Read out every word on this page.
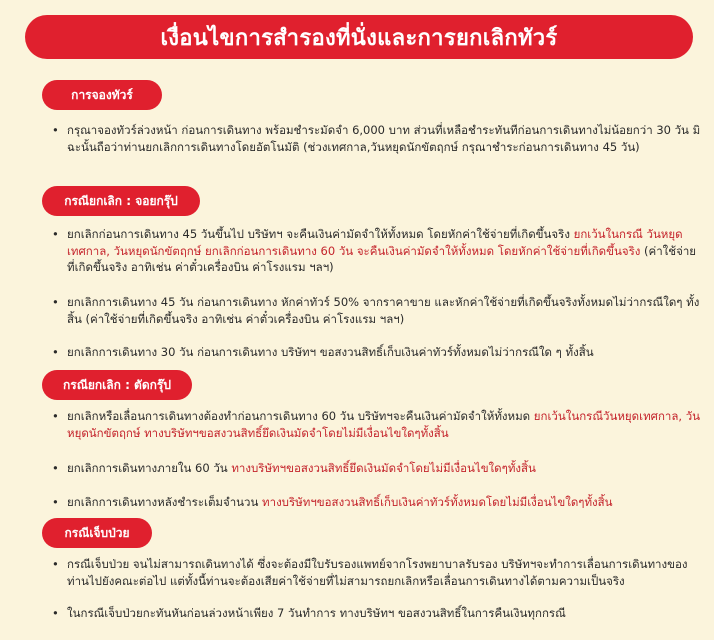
เงื่อนไขการสำรองที่นั่งและการยกเลิกทัวร์
การจองทัวร์
• กรุณาจองทัวร์ล่วงหน้า ก่อนการเดินทาง พร้อมชำระมัดจำ 6,000 บาท ส่วนที่เหลือชำระทันทีก่อนการเดินทางไม่น้อยกว่า 30 วัน มิฉะนั้นถือว่าท่านยกเลิกการเดินทางโดยอัตโนมัติ (ช่วงเทศกาล,วันหยุดนักขัตฤกษ์ กรุณาชำระก่อนการเดินทาง 45 วัน)
กรณียกเลิก : จอยกรุ๊ป
• ยกเลิกก่อนการเดินทาง 45 วันขึ้นไป บริษัทฯ จะคืนเงินค่ามัดจำให้ทั้งหมด โดยหักค่าใช้จ่ายที่เกิดขึ้นจริง ยกเว้นในกรณี วันหยุดเทศกาล, วันหยุดนักขัตฤกษ์ ยกเลิกก่อนการเดินทาง 60 วัน จะคืนเงินค่ามัดจำให้ทั้งหมด โดยหักค่าใช้จ่ายที่เกิดขึ้นจริง (ค่าใช้จ่ายที่เกิดขึ้นจริง อาทิเช่น ค่าตั๋วเครื่องบิน ค่าโรงแรม ฯลฯ)
• ยกเลิกการเดินทาง 45 วัน ก่อนการเดินทาง หักค่าทัวร์ 50% จากราคาขาย และหักค่าใช้จ่ายที่เกิดขึ้นจริงทั้งหมดไม่ว่ากรณีใดๆ ทั้งสิ้น (ค่าใช้จ่ายที่เกิดขึ้นจริง อาทิเช่น ค่าตั๋วเครื่องบิน ค่าโรงแรม ฯลฯ)
• ยกเลิกการเดินทาง 30 วัน ก่อนการเดินทาง บริษัทฯ ขอสงวนสิทธิ์เก็บเงินค่าทัวร์ทั้งหมดไม่ว่ากรณีใด ๆ ทั้งสิ้น
กรณียกเลิก : ตัดกรุ๊ป
• ยกเลิกหรือเลื่อนการเดินทางต้องทำก่อนการเดินทาง 60 วัน บริษัทฯจะคืนเงินค่ามัดจำให้ทั้งหมด ยกเว้นในกรณีวันหยุดเทศกาล, วันหยุดนักขัตฤกษ์ ทางบริษัทฯขอสงวนสิทธิ์ยึดเงินมัดจำโดยไม่มีเงื่อนไขใดๆทั้งสิ้น
• ยกเลิกการเดินทางภายใน 60 วัน ทางบริษัทฯขอสงวนสิทธิ์ยึดเงินมัดจำโดยไม่มีเงื่อนไขใดๆทั้งสิ้น
• ยกเลิกการเดินทางหลังชำระเต็มจำนวน ทางบริษัทฯขอสงวนสิทธิ์เก็บเงินค่าทัวร์ทั้งหมดโดยไม่มีเงื่อนไขใดๆทั้งสิ้น
กรณีเจ็บป่วย
• กรณีเจ็บป่วย จนไม่สามารถเดินทางได้ ซึ่งจะต้องมีใบรับรองแพทย์จากโรงพยาบาลรับรอง บริษัทฯจะทำการเลื่อนการเดินทางของท่านไปยังคณะต่อไป แต่ทั้งนี้ท่านจะต้องเสียค่าใช้จ่ายที่ไม่สามารถยกเลิกหรือเลื่อนการเดินทางได้ตามความเป็นจริง
• ในกรณีเจ็บป่วยกะทันหันก่อนล่วงหน้าเพียง 7 วันทำการ ทางบริษัทฯ ขอสงวนสิทธิ์ในการคืนเงินทุกกรณี
